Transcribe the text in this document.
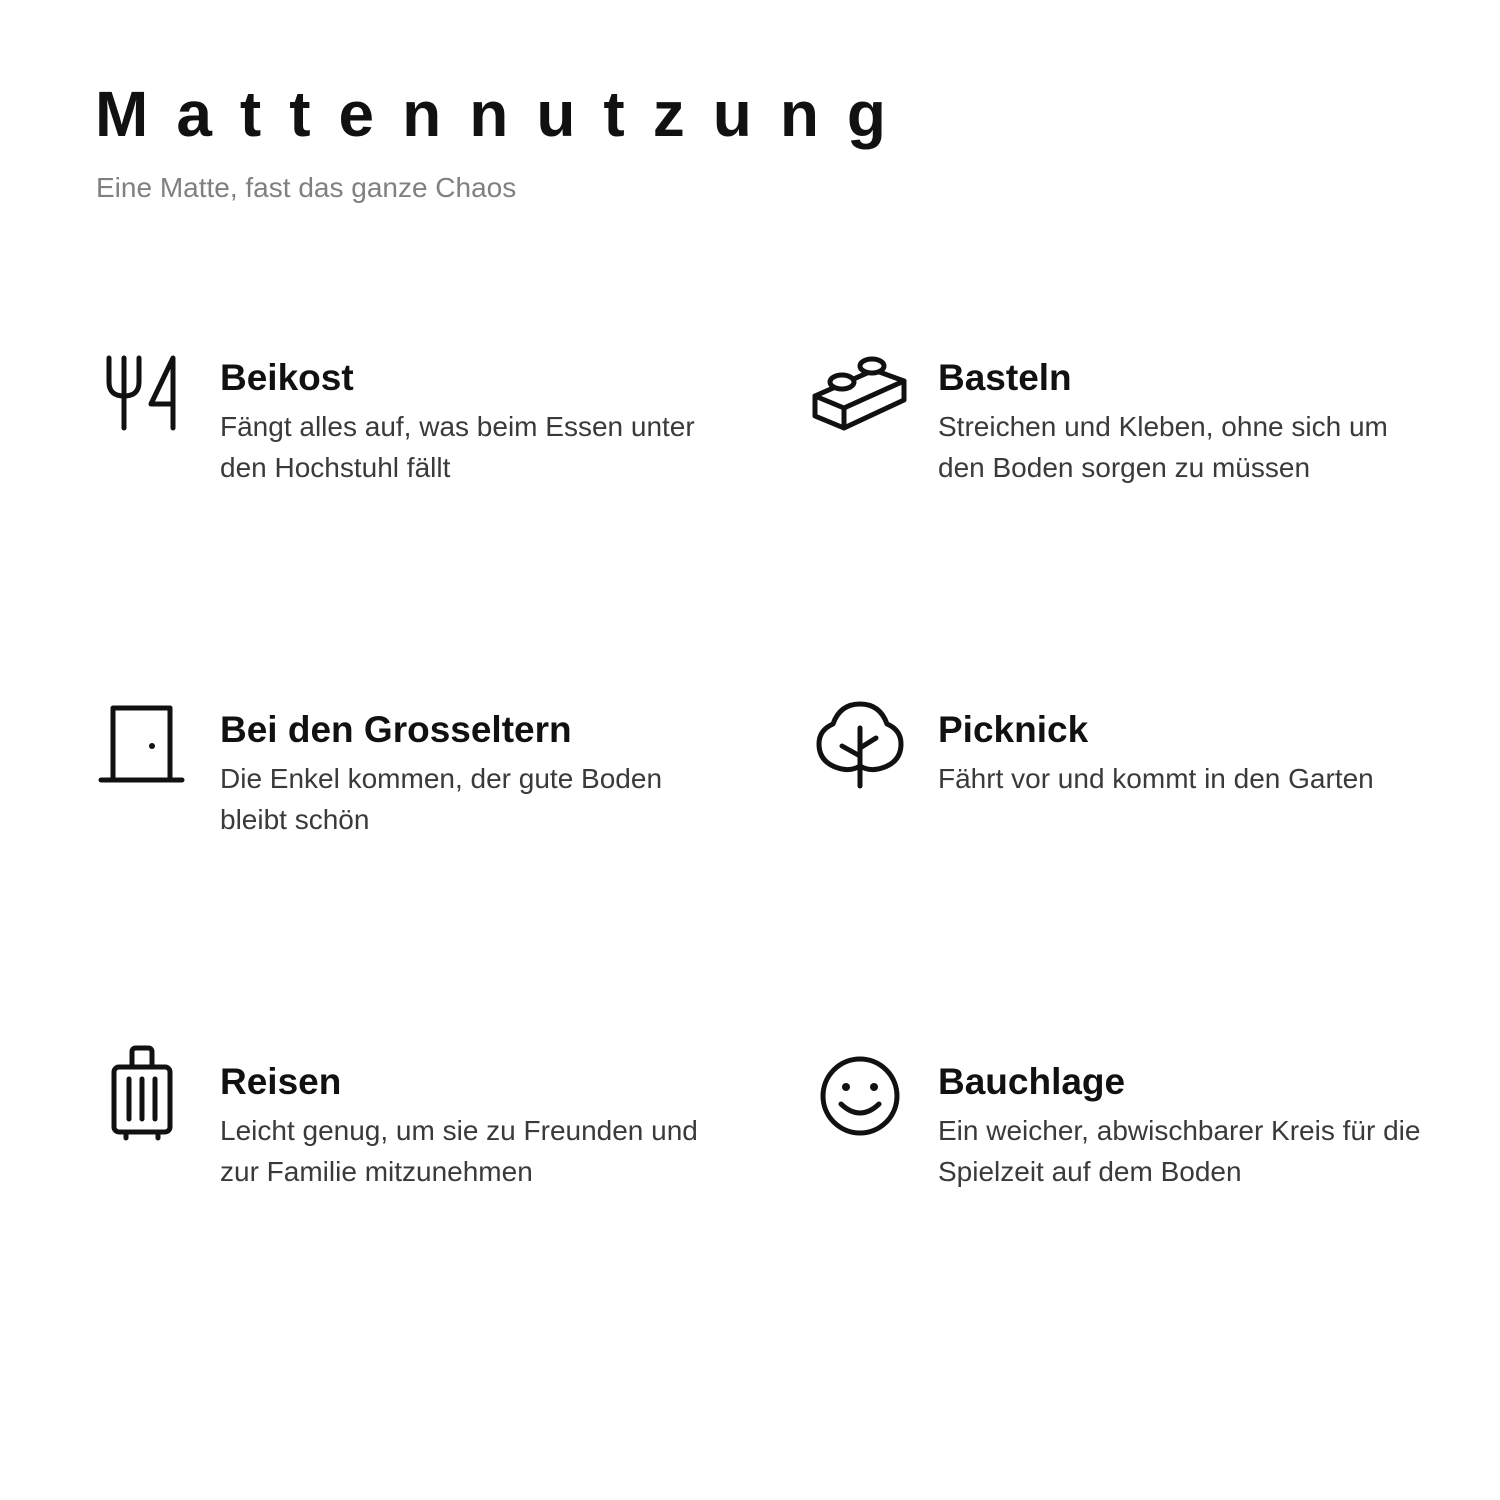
Mattennutzung

Eine Matte, fast das ganze Chaos

Beikost

Fängt alles auf, was beim Essen unter den Hochstuhl fällt

Basteln

Streichen und Kleben, ohne sich um den Boden sorgen zu müssen

Bei den Grosseltern

Die Enkel kommen, der gute Boden bleibt schön

Picknick

Fährt vor und kommt in den Garten

Reisen

Leicht genug, um sie zu Freunden und zur Familie mitzunehmen

Bauchlage

Ein weicher, abwischbarer Kreis für die Spielzeit auf dem Boden
